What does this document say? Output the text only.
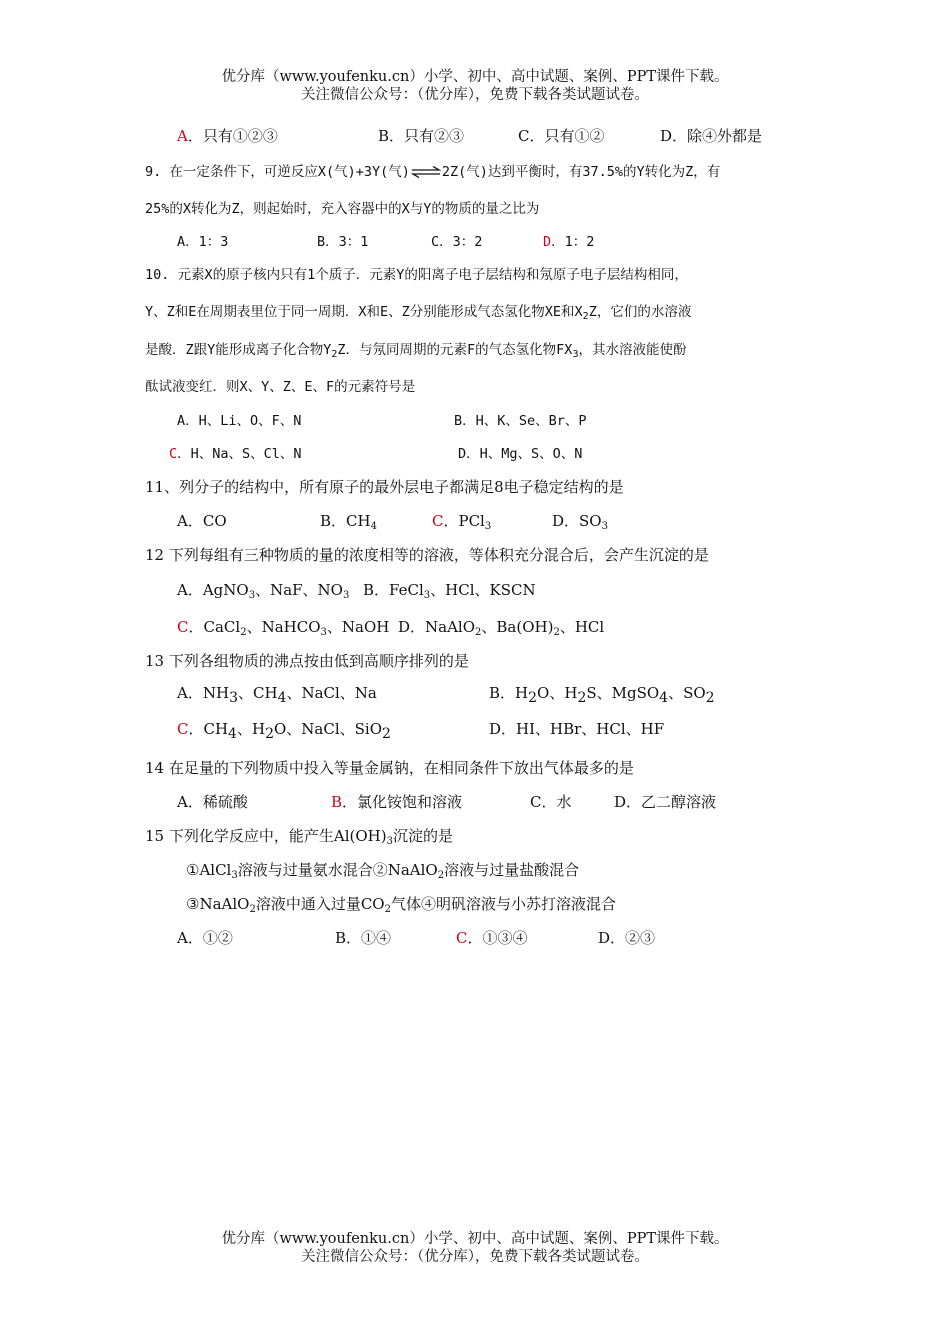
优分库（www.youfenku.cn）小学、初中、高中试题、案例、PPT课件下载。
关注微信公众号：（优分库），免费下载各类试题试卷。
A．只有①②③	B．只有②③	C．只有①②	D．除④外都是
9. 在一定条件下，可逆反应X(气)+3Y(气)⇌2Z(气)达到平衡时，有37.5%的Y转化为Z，有
25%的X转化为Z，则起始时，充入容器中的X与Y的物质的量之比为
A．1：3	B．3：1	C．3：2	D．1：2
10. 元素X的原子核内只有1个质子．元素Y的阳离子电子层结构和氖原子电子层结构相同，
Y、Z和E在周期表里位于同一周期．X和E、Z分别能形成气态氢化物XE和$X_2Z$，它们的水溶液
是酸．Z跟Y能形成离子化合物$Y_2Z$．与氖同周期的元素F的气态氢化物$FX_3$，其水溶液能使酚
酞试液变红．则X、Y、Z、E、F的元素符号是
A．H、Li、O、F、N	B．H、K、Se、Br、P
C．H、Na、S、Cl、N	D．H、Mg、S、O、N
11、列分子的结构中，所有原子的最外层电子都满足8电子稳定结构的是
A．CO	B．$CH_4$	C．PCl$_3$	D．$SO_3$
12 下列每组有三种物质的量的浓度相等的溶液，等体积充分混合后，会产生沉淀的是
A．AgNO$_3$、NaF、$NO_3$ B．FeCl$_3$、HCl、KSCN
C．CaCl$_2$、NaHCO$_3$、NaOH D．NaAlO$_2$、$Ba(OH)_2$、HCl
13 下列各组物质的沸点按由低到高顺序排列的是
A．$NH_3$、$CH_4$、NaCl、Na	B．$H_2O$、$H_2S$、MgSO$_4$、$SO_2$
C．$CH_4$、$H_2O$、NaCl、SiO$_2$	D．HI、HBr、HCl、HF
14 在足量的下列物质中投入等量金属钠，在相同条件下放出气体最多的是
A．稀硫酸	B．氯化铵饱和溶液	C．水	D．乙二醇溶液
15 下列化学反应中，能产生$Al(OH)_3$沉淀的是
①AlCl$_3$溶液与过量氨水混合②NaAlO$_2$溶液与过量盐酸混合
③NaAlO$_2$溶液中通入过量$CO_2$气体④明矾溶液与小苏打溶液混合
A．①②	B．①④	C．①③④	D．②③
优分库（www.youfenku.cn）小学、初中、高中试题、案例、PPT课件下载。
关注微信公众号：（优分库），免费下载各类试题试卷。
